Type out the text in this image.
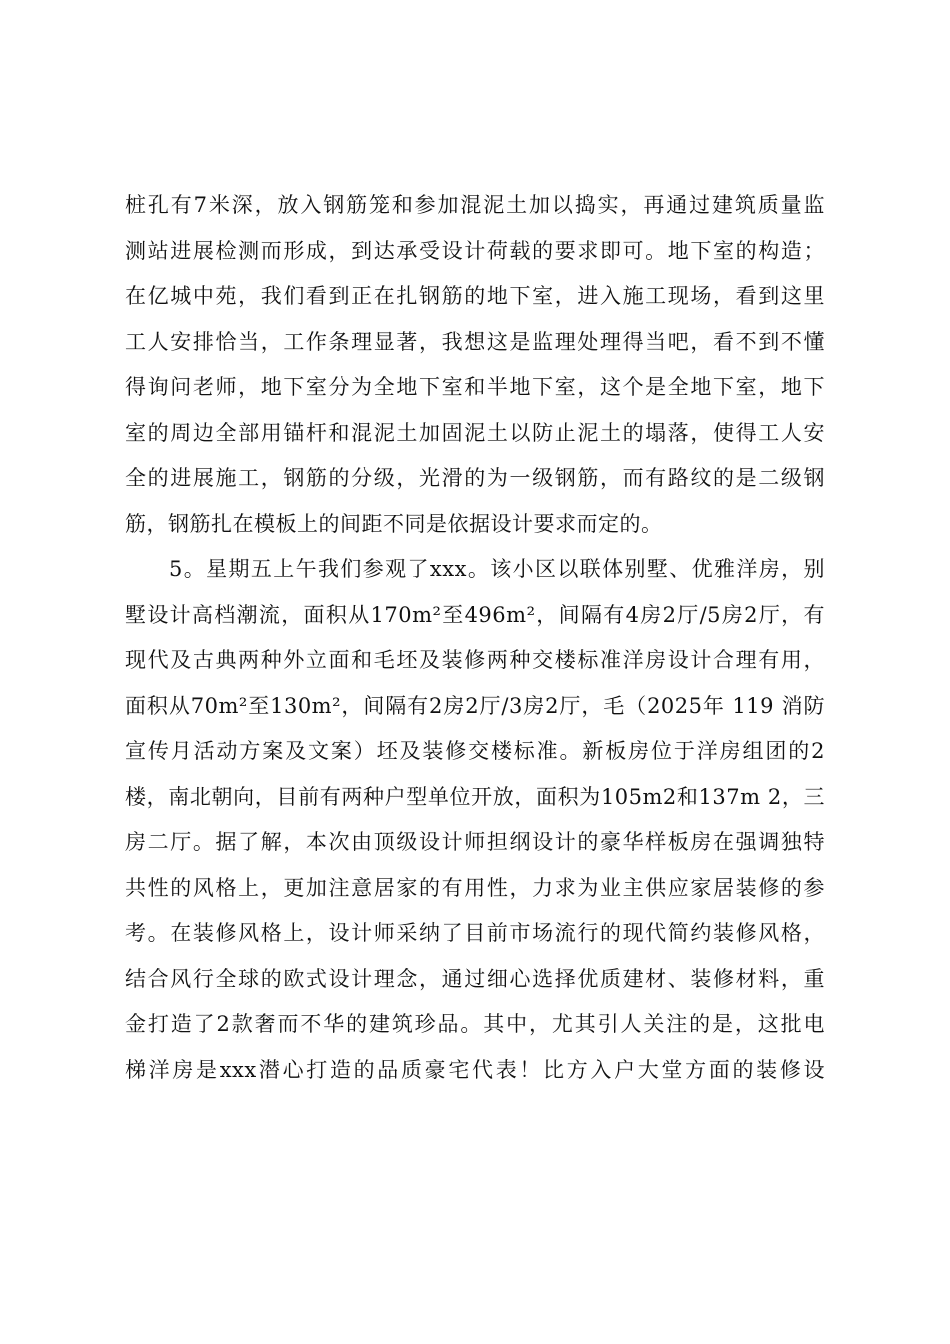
桩孔有7米深，放入钢筋笼和参加混泥土加以捣实，再通过建筑质量监
测站进展检测而形成，到达承受设计荷载的要求即可。地下室的构造；
在亿城中苑，我们看到正在扎钢筋的地下室，进入施工现场，看到这里
工人安排恰当，工作条理显著，我想这是监理处理得当吧，看不到不懂
得询问老师，地下室分为全地下室和半地下室，这个是全地下室，地下
室的周边全部用锚杆和混泥土加固泥土以防止泥土的塌落，使得工人安
全的进展施工，钢筋的分级，光滑的为一级钢筋，而有路纹的是二级钢
筋，钢筋扎在模板上的间距不同是依据设计要求而定的。
5。星期五上午我们参观了xxx。该小区以联体别墅、优雅洋房，别
墅设计高档潮流，面积从170m²至496m²，间隔有4房2厅/5房2厅，有
现代及古典两种外立面和毛坯及装修两种交楼标准洋房设计合理有用，
面积从70m²至130m²，间隔有2房2厅/3房2厅，毛（2025年 119 消防
宣传月活动方案及文案）坯及装修交楼标准。新板房位于洋房组团的2
楼，南北朝向，目前有两种户型单位开放，面积为105m2和137m 2，三
房二厅。据了解，本次由顶级设计师担纲设计的豪华样板房在强调独特
共性的风格上，更加注意居家的有用性，力求为业主供应家居装修的参
考。在装修风格上，设计师采纳了目前市场流行的现代简约装修风格，
结合风行全球的欧式设计理念，通过细心选择优质建材、装修材料，重
金打造了2款奢而不华的建筑珍品。其中，尤其引人关注的是，这批电
梯洋房是xxx潜心打造的品质豪宅代表！比方入户大堂方面的装修设
